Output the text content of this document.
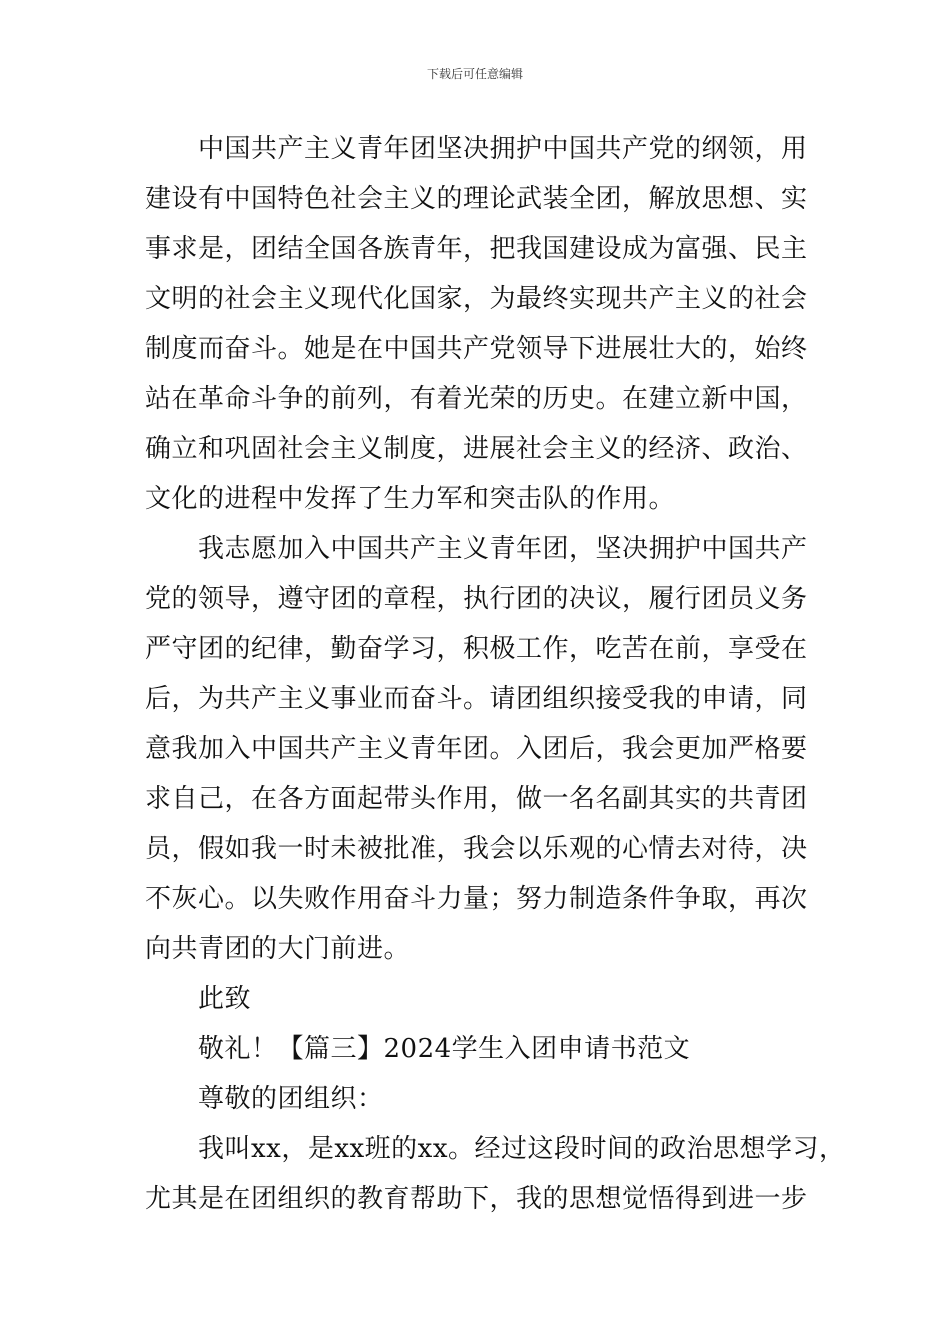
下载后可任意编辑
中国共产主义青年团坚决拥护中国共产党的纲领，用
建设有中国特色社会主义的理论武装全团，解放思想、实
事求是，团结全国各族青年，把我国建设成为富强、民主
文明的社会主义现代化国家，为最终实现共产主义的社会
制度而奋斗。她是在中国共产党领导下进展壮大的，始终
站在革命斗争的前列，有着光荣的历史。在建立新中国，
确立和巩固社会主义制度，进展社会主义的经济、政治、
文化的进程中发挥了生力军和突击队的作用。
我志愿加入中国共产主义青年团，坚决拥护中国共产
党的领导，遵守团的章程，执行团的决议，履行团员义务
严守团的纪律，勤奋学习，积极工作，吃苦在前，享受在
后，为共产主义事业而奋斗。请团组织接受我的申请，同
意我加入中国共产主义青年团。入团后，我会更加严格要
求自己，在各方面起带头作用，做一名名副其实的共青团
员，假如我一时未被批准，我会以乐观的心情去对待，决
不灰心。以失败作用奋斗力量；努力制造条件争取，再次
向共青团的大门前进。
此致
敬礼！【篇三】2024学生入团申请书范文
尊敬的团组织：
我叫xx，是xx班的xx。经过这段时间的政治思想学习，
尤其是在团组织的教育帮助下，我的思想觉悟得到进一步
